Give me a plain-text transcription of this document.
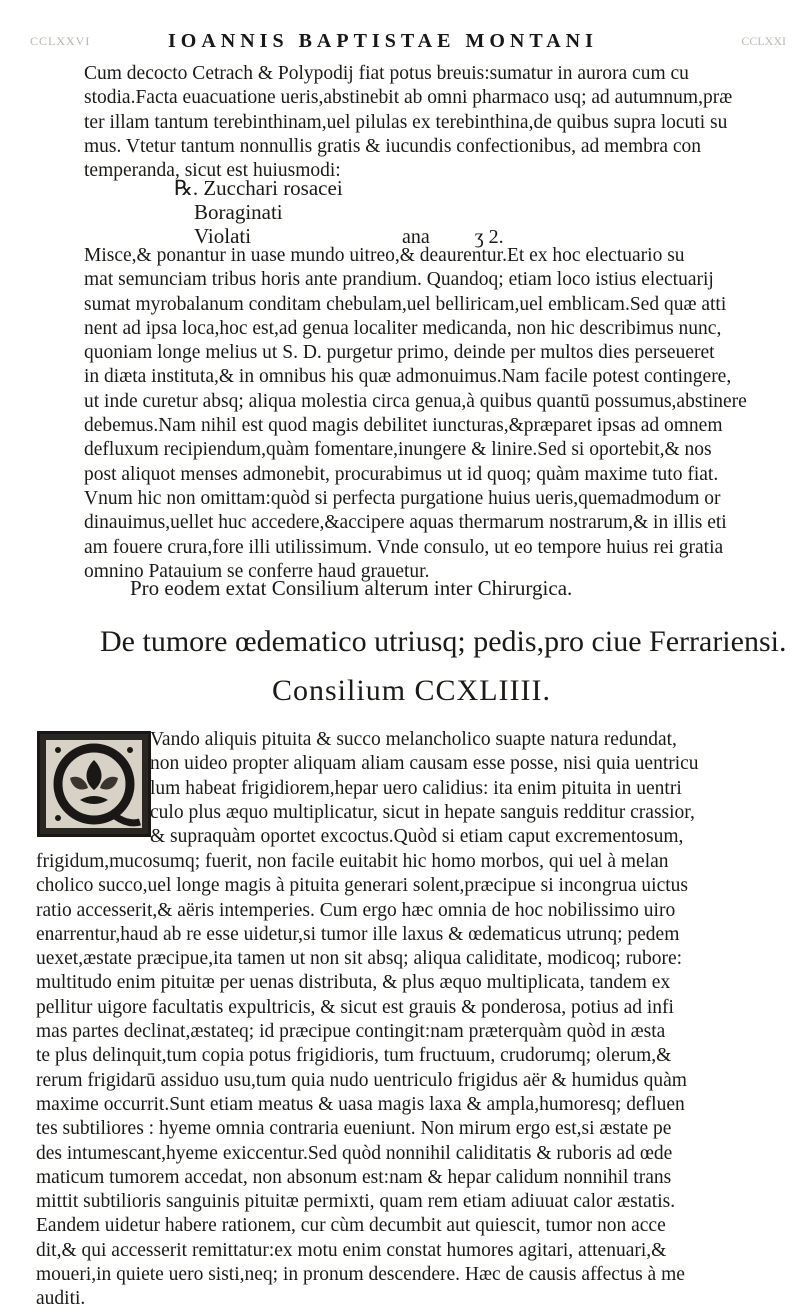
CCLXXVI	IOANNIS BAPTISTAE MONTANI	CCLXXI
Cum decocto Cetrach & Polypodij fiat potus breuis:sumatur in aurora cum cu
stodia.Facta euacuatione ueris,abstinebit ab omni pharmaco usq; ad autumnum,præ
ter illam tantum terebinthinam,uel pilulas ex terebinthina,de quibus supra locuti su
mus. Vtetur tantum nonnullis gratis & iucundis confectionibus, ad membra con
temperanda, sicut est huiusmodi:
℞. Zucchari rosacei
Boraginati
Violati	ana ʒ 2.
Misce,& ponantur in uase mundo uitreo,& deaurentur.Et ex hoc electuario su
mat semunciam tribus horis ante prandium. Quandoq; etiam loco istius electuarij
sumat myrobalanum conditam chebulam,uel belliricam,uel emblicam.Sed quæ atti
nent ad ipsa loca,hoc est,ad genua localiter medicanda, non hic describimus nunc,
quoniam longe melius ut S. D. purgetur primo, deinde per multos dies perseueret
in diæta instituta,& in omnibus his quæ admonuimus.Nam facile potest contingere,
ut inde curetur absq; aliqua molestia circa genua,à quibus quantū possumus,abstinere
debemus.Nam nihil est quod magis debilitet iuncturas,&præparet ipsas ad omnem
defluxum recipiendum,quàm fomentare,inungere & linire.Sed si oportebit,& nos
post aliquot menses admonebit, procurabimus ut id quoq; quàm maxime tuto fiat.
Vnum hic non omittam:quòd si perfecta purgatione huius ueris,quemadmodum or
dinauimus,uellet huc accedere,&accipere aquas thermarum nostrarum,& in illis eti
am fouere crura,fore illi utilissimum. Vnde consulo, ut eo tempore huius rei gratia
omnino Patauium se conferre haud grauetur.
Pro eodem extat Consilium alterum inter Chirurgica.
De tumore œdematico utriusq; pedis,pro ciue Ferrariensi.
Consilium CCXLIIII.
Vando aliquis pituita & succo melancholico suapte natura redundat,
non uideo propter aliquam aliam causam esse posse, nisi quia uentricu
lum habeat frigidiorem,hepar uero calidius: ita enim pituita in uentri
culo plus æquo multiplicatur, sicut in hepate sanguis redditur crassior,
& supraquàm oportet excoctus.Quòd si etiam caput excrementosum,
frigidum,mucosumq; fuerit, non facile euitabit hic homo morbos, qui uel à melan
cholico succo,uel longe magis à pituita generari solent,præcipue si incongrua uictus
ratio accesserit,& aëris intemperies. Cum ergo hæc omnia de hoc nobilissimo uiro
enarrentur,haud ab re esse uidetur,si tumor ille laxus & œdematicus utrunq; pedem
uexet,æstate præcipue,ita tamen ut non sit absq; aliqua caliditate, modicoq; rubore:
multitudo enim pituitæ per uenas distributa, & plus æquo multiplicata, tandem ex
pellitur uigore facultatis expultricis, & sicut est grauis & ponderosa, potius ad infi
mas partes declinat,æstateq; id præcipue contingit:nam præterquàm quòd in æsta
te plus delinquit,tum copia potus frigidioris, tum fructuum, crudorumq; olerum,&
rerum frigidarū assiduo usu,tum quia nudo uentriculo frigidus aër & humidus quàm
maxime occurrit.Sunt etiam meatus & uasa magis laxa & ampla,humoresq; defluen
tes subtiliores : hyeme omnia contraria eueniunt. Non mirum ergo est,si æstate pe
des intumescant,hyeme exiccentur.Sed quòd nonnihil caliditatis & ruboris ad œde
maticum tumorem accedat, non absonum est:nam & hepar calidum nonnihil trans
mittit subtilioris sanguinis pituitæ permixti, quam rem etiam adiuuat calor æstatis.
Eandem uidetur habere rationem, cur cùm decumbit aut quiescit, tumor non acce
dit,& qui accesserit remittatur:ex motu enim constat humores agitari, attenuari,&
moueri,in quiete uero sisti,neq; in pronum descendere. Hæc de causis affectus à me
auditi.
